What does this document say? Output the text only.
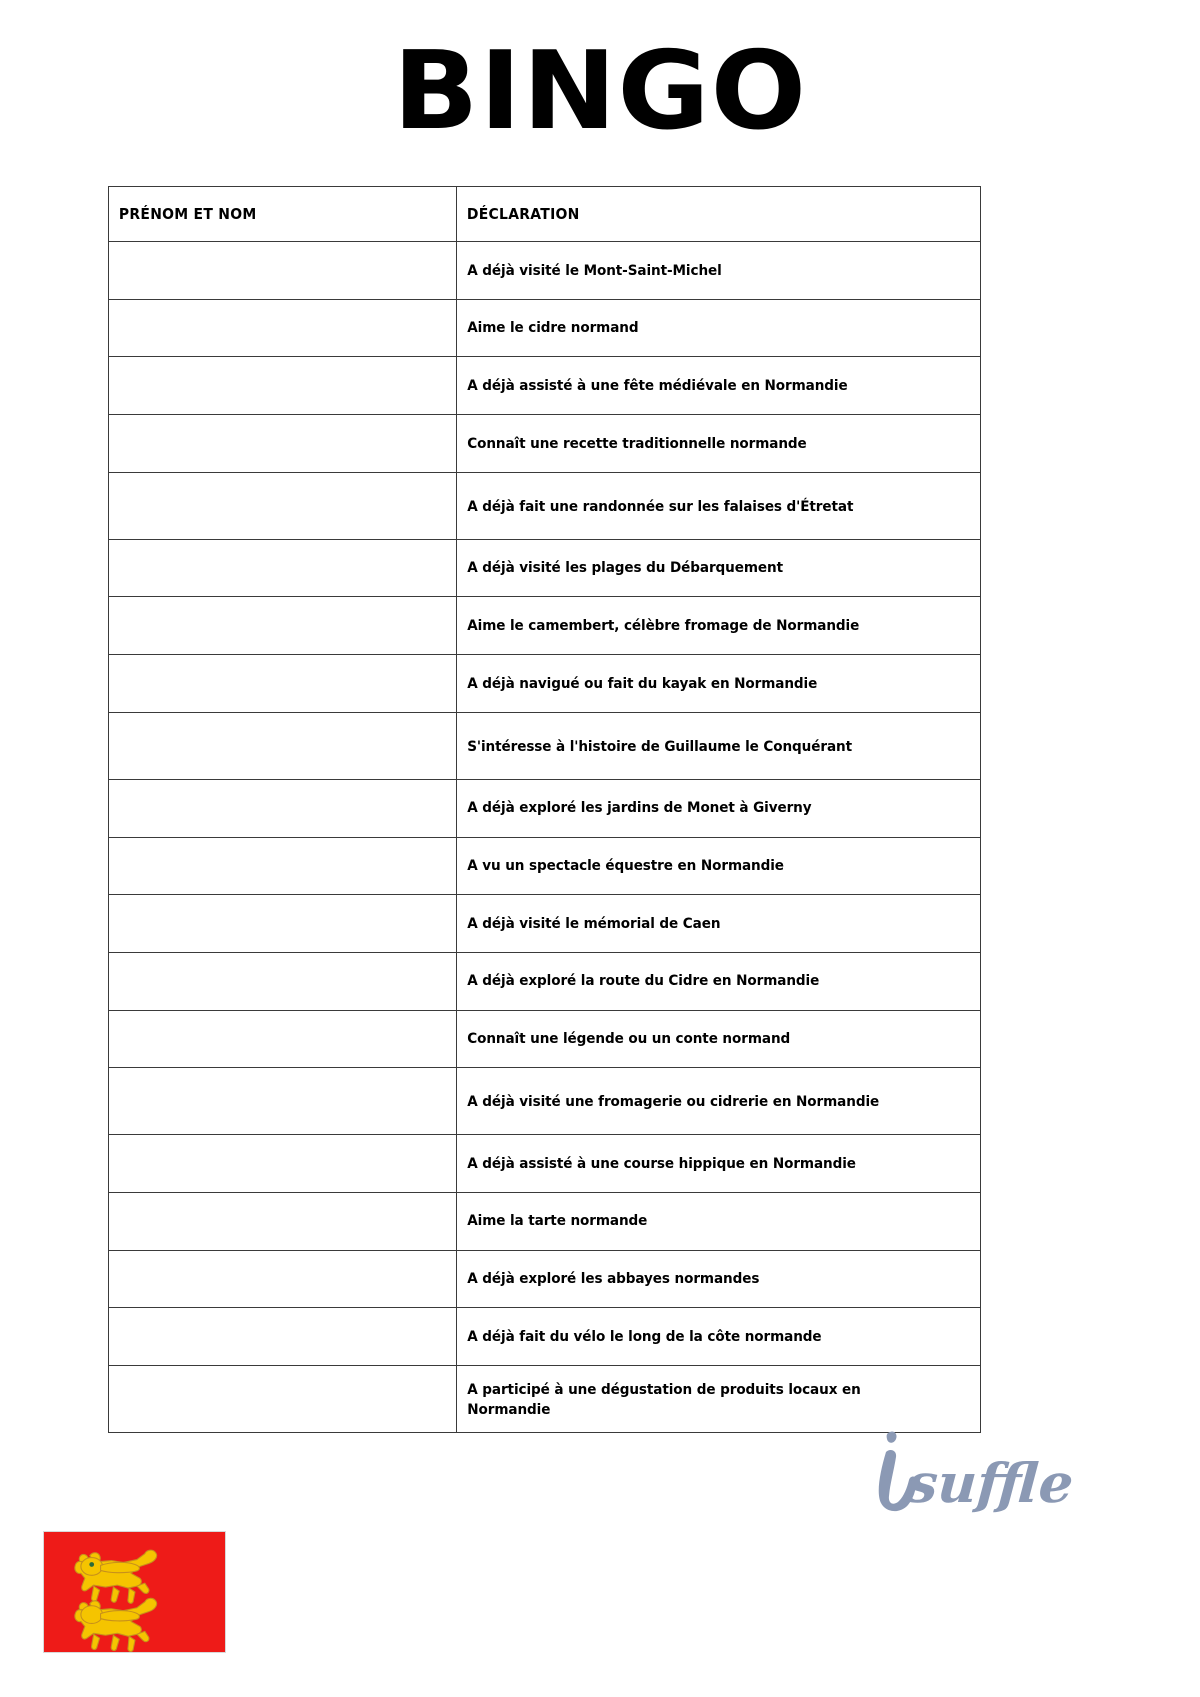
BINGO
PRÉNOM ET NOM	DÉCLARATION

	A déjà visité le Mont-Saint-Michel

	Aime le cidre normand

	A déjà assisté à une fête médiévale en Normandie

	Connaît une recette traditionnelle normande

	A déjà fait une randonnée sur les falaises d'Étretat

	A déjà visité les plages du Débarquement

	Aime le camembert, célèbre fromage de Normandie

	A déjà navigué ou fait du kayak en Normandie

	S'intéresse à l'histoire de Guillaume le Conquérant

	A déjà exploré les jardins de Monet à Giverny

	A vu un spectacle équestre en Normandie

	A déjà visité le mémorial de Caen

	A déjà exploré la route du Cidre en Normandie

	Connaît une légende ou un conte normand

	A déjà visité une fromagerie ou cidrerie en Normandie

	A déjà assisté à une course hippique en Normandie

	Aime la tarte normande

	A déjà exploré les abbayes normandes

	A déjà fait du vélo le long de la côte normande

	A participé à une dégustation de produits locaux en Normandie
suffle
